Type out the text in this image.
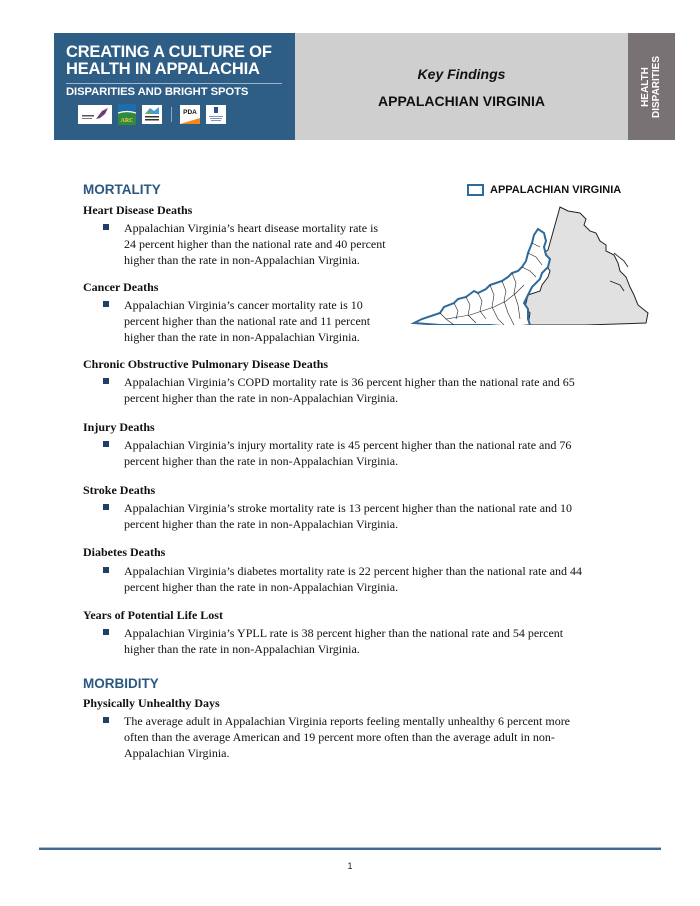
CREATING A CULTURE OF
HEALTH IN APPALACHIA
DISPARITIES AND BRIGHT SPOTS
ARC
PDA
Key Findings
APPALACHIAN VIRGINIA	HEALTH DISPARITIES
APPALACHIAN VIRGINIA
MORTALITY
Heart Disease Deaths
Appalachian Virginia’s heart disease mortality rate is
24 percent higher than the national rate and 40 percent
higher than the rate in non-Appalachian Virginia.
Cancer Deaths
Appalachian Virginia’s cancer mortality rate is 10
percent higher than the national rate and 11 percent
higher than the rate in non-Appalachian Virginia.
Chronic Obstructive Pulmonary Disease Deaths
Appalachian Virginia’s COPD mortality rate is 36 percent higher than the national rate and 65
percent higher than the rate in non-Appalachian Virginia.
Injury Deaths
Appalachian Virginia’s injury mortality rate is 45 percent higher than the national rate and 76
percent higher than the rate in non-Appalachian Virginia.
Stroke Deaths
Appalachian Virginia’s stroke mortality rate is 13 percent higher than the national rate and 10
percent higher than the rate in non-Appalachian Virginia.
Diabetes Deaths
Appalachian Virginia’s diabetes mortality rate is 22 percent higher than the national rate and 44
percent higher than the rate in non-Appalachian Virginia.
Years of Potential Life Lost
Appalachian Virginia’s YPLL rate is 38 percent higher than the national rate and 54 percent
higher than the rate in non-Appalachian Virginia.
MORBIDITY
Physically Unhealthy Days
The average adult in Appalachian Virginia reports feeling mentally unhealthy 6 percent more
often than the average American and 19 percent more often than the average adult in non-
Appalachian Virginia.
1
